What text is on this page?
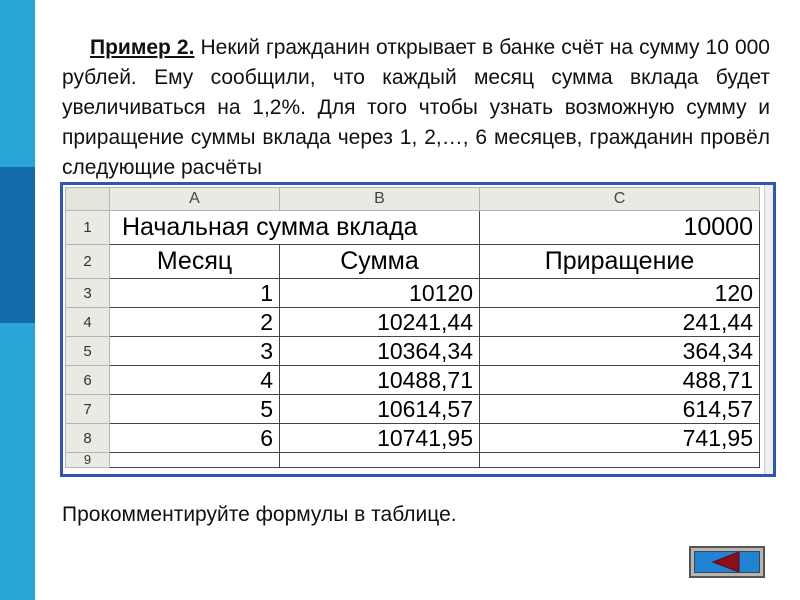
Пример 2. Некий гражданин открывает в банке счёт на сумму 10 000 рублей. Ему сообщили, что каждый месяц сумма вклада будет увеличиваться на 1,2%. Для того чтобы узнать возможную сумму и приращение суммы вклада через 1, 2,…, 6 месяцев, гражданин провёл следующие расчёты

	A	B	C
1	Начальная сумма вклада		10000
2	Месяц	Сумма	Приращение
3	1	10120	120
4	2	10241,44	241,44
5	3	10364,34	364,34
6	4	10488,71	488,71
7	5	10614,57	614,57
8	6	10741,95	741,95
9			

Прокомментируйте формулы в таблице.
